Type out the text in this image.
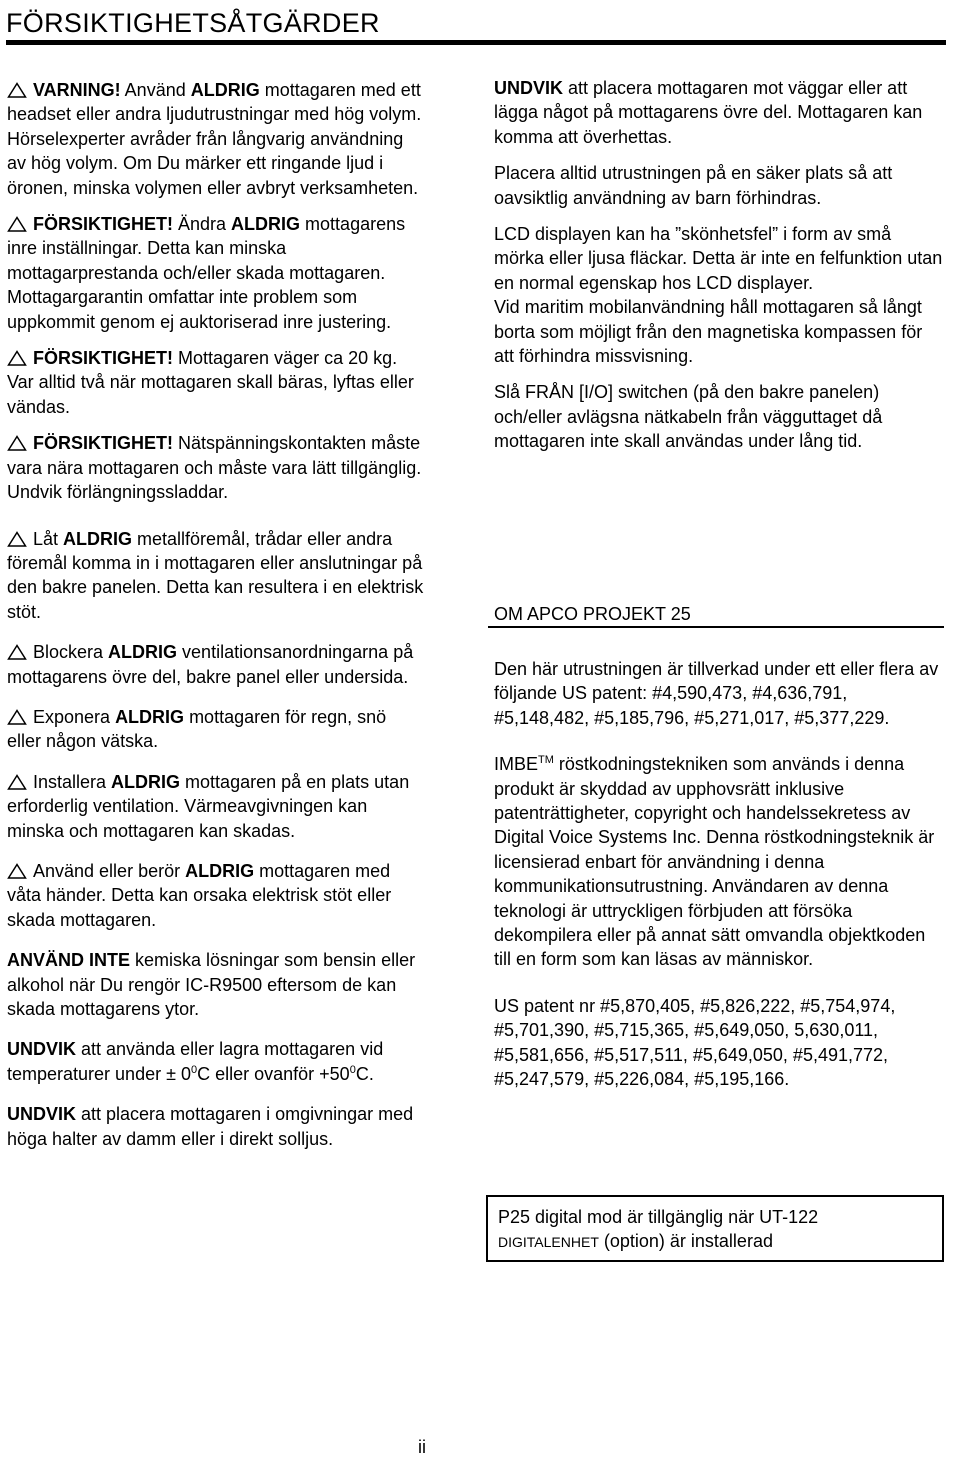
FÖRSIKTIGHETSÅTGÄRDER

VARNING! Använd ALDRIG mottagaren med ett headset eller andra ljudutrustningar med hög volym. Hörselexperter avråder från långvarig användning av hög volym. Om Du märker ett ringande ljud i öronen, minska volymen eller avbryt verksamheten.

FÖRSIKTIGHET! Ändra ALDRIG mottagarens inre inställningar. Detta kan minska mottagarprestanda och/eller skada mottagaren. Mottagargarantin omfattar inte problem som uppkommit genom ej auktoriserad inre justering.

FÖRSIKTIGHET! Mottagaren väger ca 20 kg. Var alltid två när mottagaren skall bäras, lyftas eller vändas.

FÖRSIKTIGHET! Nätspänningskontakten måste vara nära mottagaren och måste vara lätt tillgänglig. Undvik förlängningssladdar.

Låt ALDRIG metallföremål, trådar eller andra föremål komma in i mottagaren eller anslutningar på den bakre panelen. Detta kan resultera i en elektrisk stöt.

Blockera ALDRIG ventilationsanordningarna på mottagarens övre del, bakre panel eller undersida.

Exponera ALDRIG mottagaren för regn, snö eller någon vätska.

Installera ALDRIG mottagaren på en plats utan erforderlig ventilation. Värmeavgivningen kan minska och mottagaren kan skadas.

Använd eller berör ALDRIG mottagaren med våta händer. Detta kan orsaka elektrisk stöt eller skada mottagaren.

ANVÄND INTE kemiska lösningar som bensin eller alkohol när Du rengör IC-R9500 eftersom de kan skada mottagarens ytor.

UNDVIK att använda eller lagra mottagaren vid temperaturer under ± $0^0C$ eller ovanför $+50^0C$.

UNDVIK att placera mottagaren i omgivningar med höga halter av damm eller i direkt solljus.

UNDVIK att placera mottagaren mot väggar eller att lägga något på mottagarens övre del. Mottagaren kan komma att överhettas.

Placera alltid utrustningen på en säker plats så att oavsiktlig användning av barn förhindras.

LCD displayen kan ha ”skönhetsfel” i form av små mörka eller ljusa fläckar. Detta är inte en felfunktion utan en normal egenskap hos LCD displayer.

Vid maritim mobilanvändning håll mottagaren så långt borta som möjligt från den magnetiska kompassen för att förhindra missvisning.

Slå FRÅN [I/O] switchen (på den bakre panelen) och/eller avlägsna nätkabeln från vägguttaget då mottagaren inte skall användas under lång tid.

OM APCO PROJEKT 25

Den här utrustningen är tillverkad under ett eller flera av följande US patent: #4,590,473, #4,636,791, #5,148,482, #5,185,796, #5,271,017, #5,377,229.

IMBE™ röstkodningstekniken som används i denna produkt är skyddad av upphovsrätt inklusive patenträttigheter, copyright och handelssekretess av Digital Voice Systems Inc. Denna röstkodningsteknik är licensierad enbart för användning i denna kommunikationsutrustning. Användaren av denna teknologi är uttryckligen förbjuden att försöka dekompilera eller på annat sätt omvandla objektkoden till en form som kan läsas av människor.

US patent nr #5,870,405, #5,826,222, #5,754,974, #5,701,390, #5,715,365, #5,649,050, 5,630,011, #5,581,656, #5,517,511, #5,649,050, #5,491,772, #5,247,579, #5,226,084, #5,195,166.

P25 digital mod är tillgänglig när UT-122
DIGITALENHET (option) är installerad
ii
